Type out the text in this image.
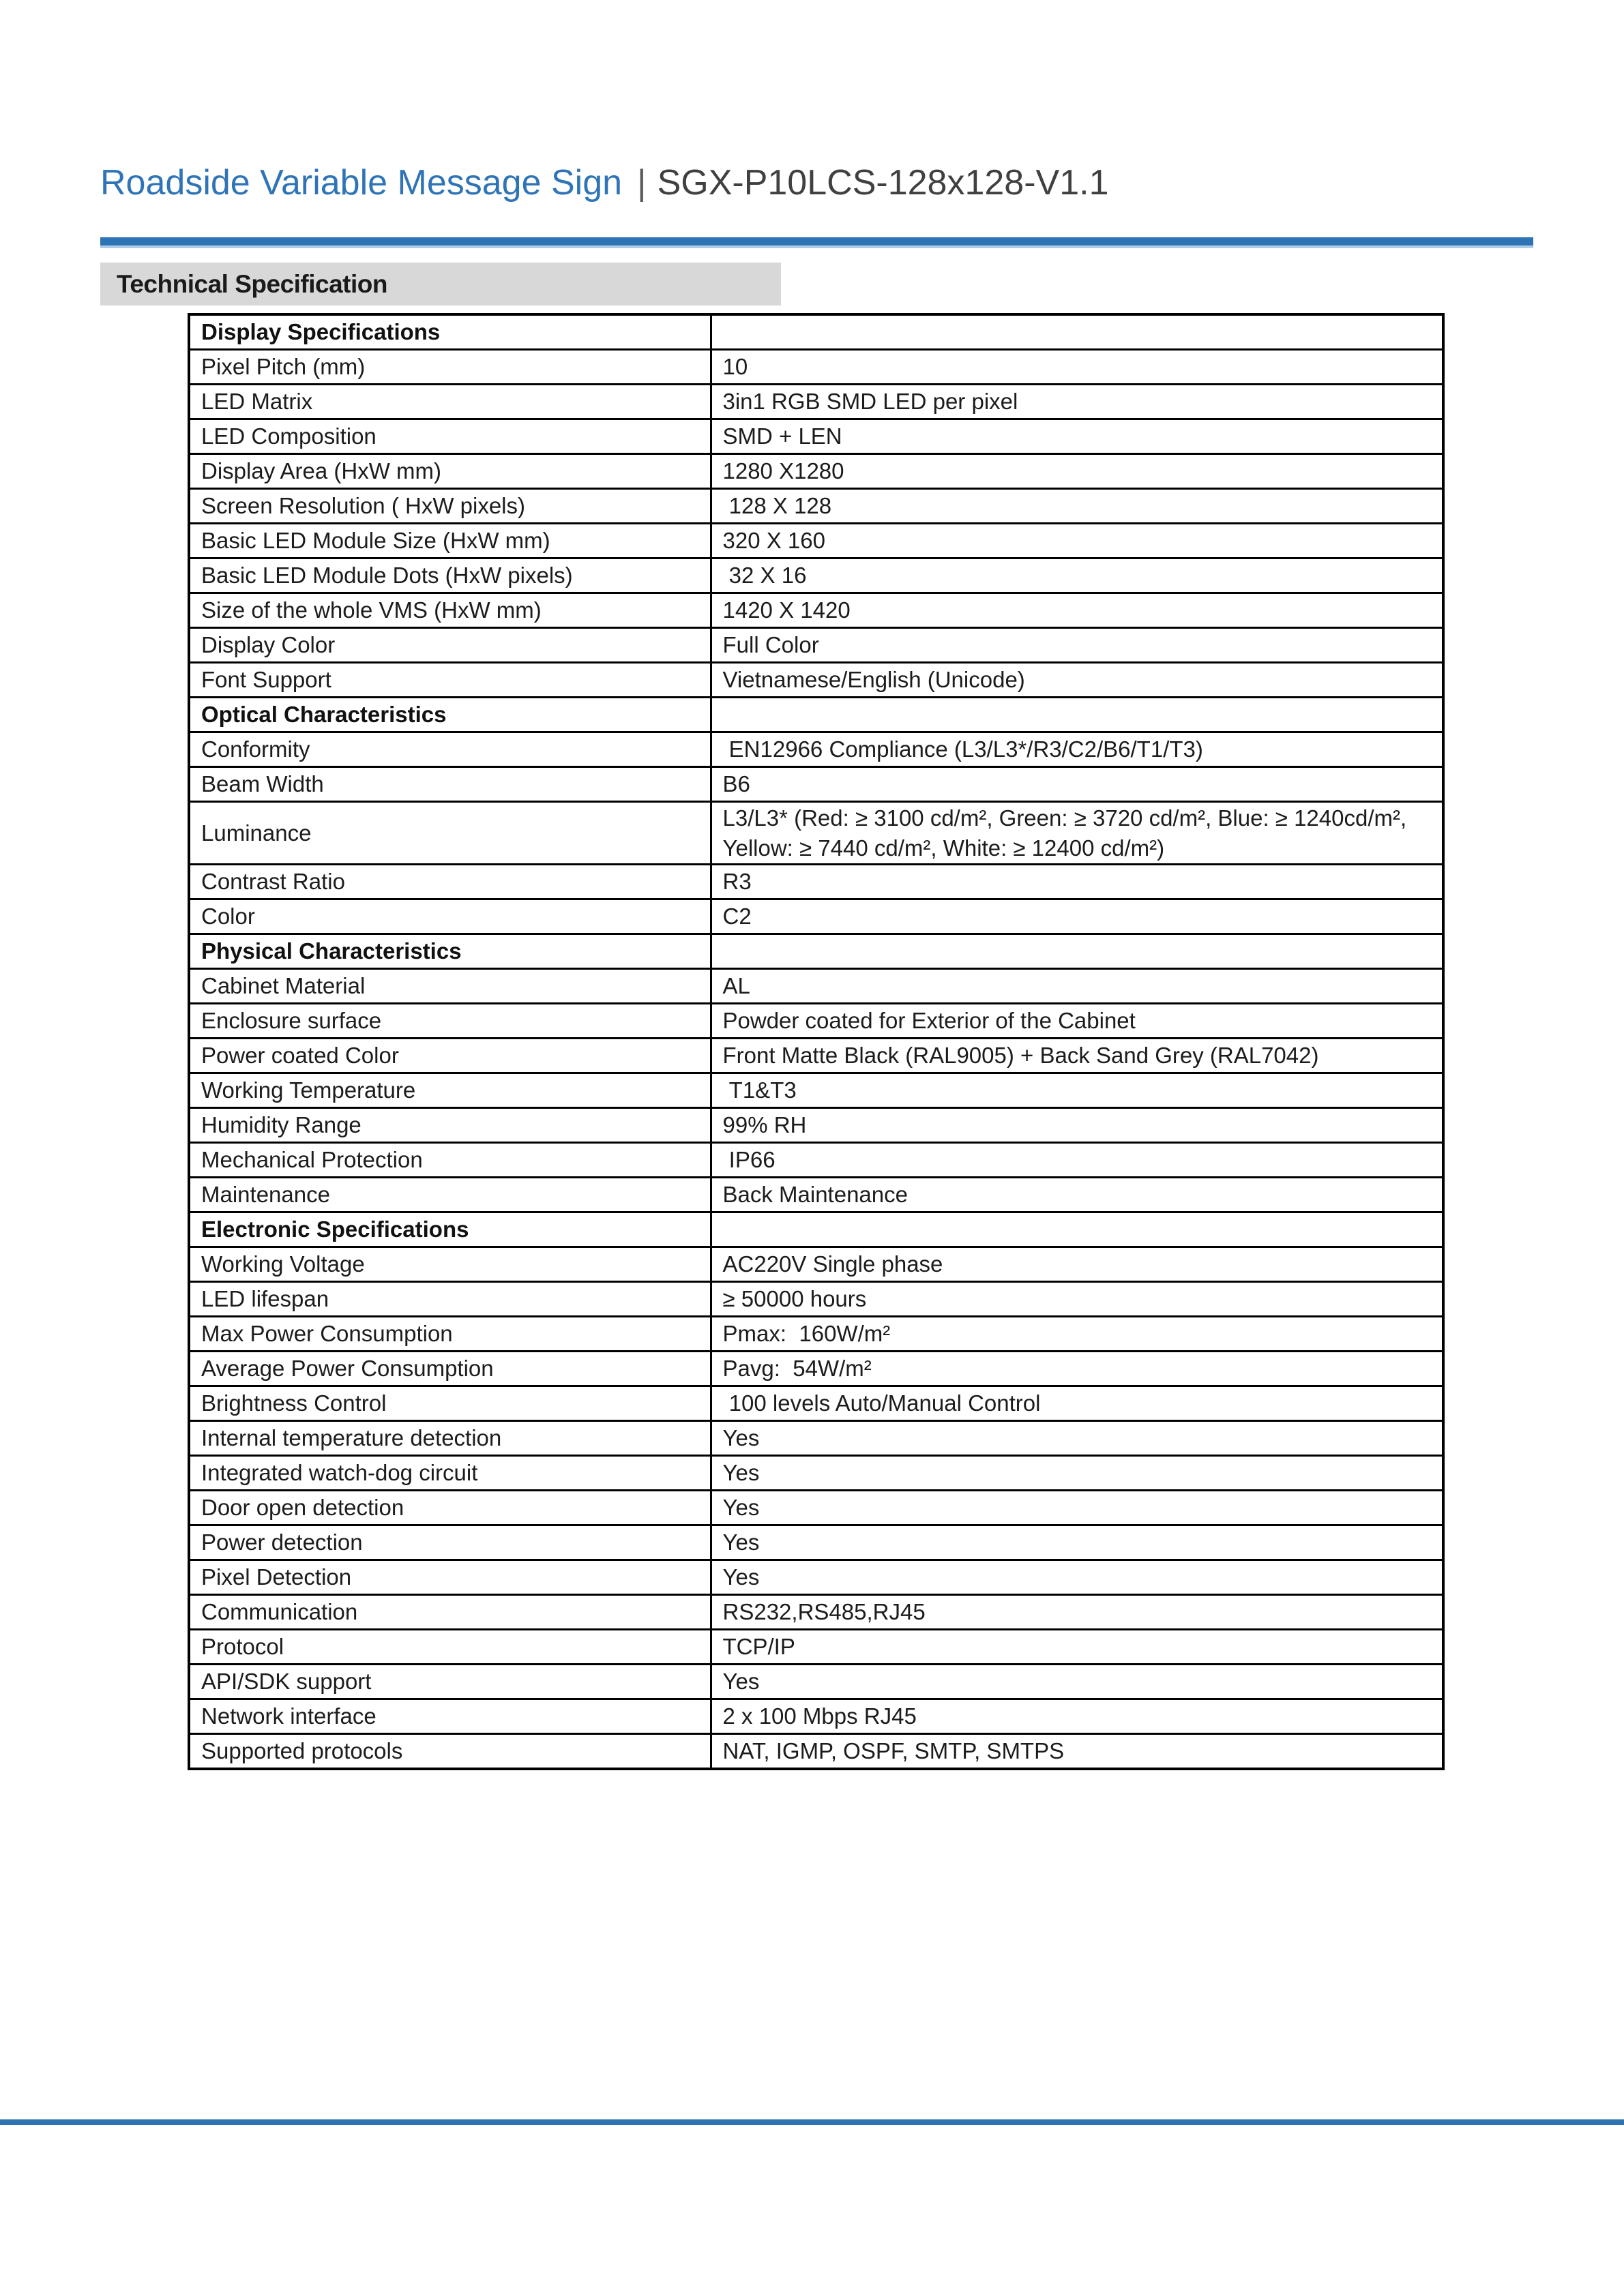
Roadside Variable Message Sign | SGX-P10LCS-128x128-V1.1
Technical Specification
Display Specifications	
Pixel Pitch (mm)	10
LED Matrix	3in1 RGB SMD LED per pixel
LED Composition	SMD + LEN
Display Area (HxW mm)	1280 X1280
Screen Resolution ( HxW pixels)	128 X 128
Basic LED Module Size (HxW mm)	320 X 160
Basic LED Module Dots (HxW pixels)	32 X 16
Size of the whole VMS (HxW mm)	1420 X 1420
Display Color	Full Color
Font Support	Vietnamese/English (Unicode)
Optical Characteristics	
Conformity	EN12966 Compliance (L3/L3*/R3/C2/B6/T1/T3)
Beam Width	B6
Luminance	L3/L3* (Red: ≥ 3100 cd/m², Green: ≥ 3720 cd/m², Blue: ≥ 1240cd/m², Yellow: ≥ 7440 cd/m², White: ≥ 12400 cd/m²)
Contrast Ratio	R3
Color	C2
Physical Characteristics	
Cabinet Material	AL
Enclosure surface	Powder coated for Exterior of the Cabinet
Power coated Color	Front Matte Black (RAL9005) + Back Sand Grey (RAL7042)
Working Temperature	T1&T3
Humidity Range	99% RH
Mechanical Protection	IP66
Maintenance	Back Maintenance
Electronic Specifications	
Working Voltage	AC220V Single phase
LED lifespan	≥ 50000 hours
Max Power Consumption	Pmax:  160W/m²
Average Power Consumption	Pavg:  54W/m²
Brightness Control	100 levels Auto/Manual Control
Internal temperature detection	Yes
Integrated watch-dog circuit	Yes
Door open detection	Yes
Power detection	Yes
Pixel Detection	Yes
Communication	RS232,RS485,RJ45
Protocol	TCP/IP
API/SDK support	Yes
Network interface	2 x 100 Mbps RJ45
Supported protocols	NAT, IGMP, OSPF, SMTP, SMTPS
